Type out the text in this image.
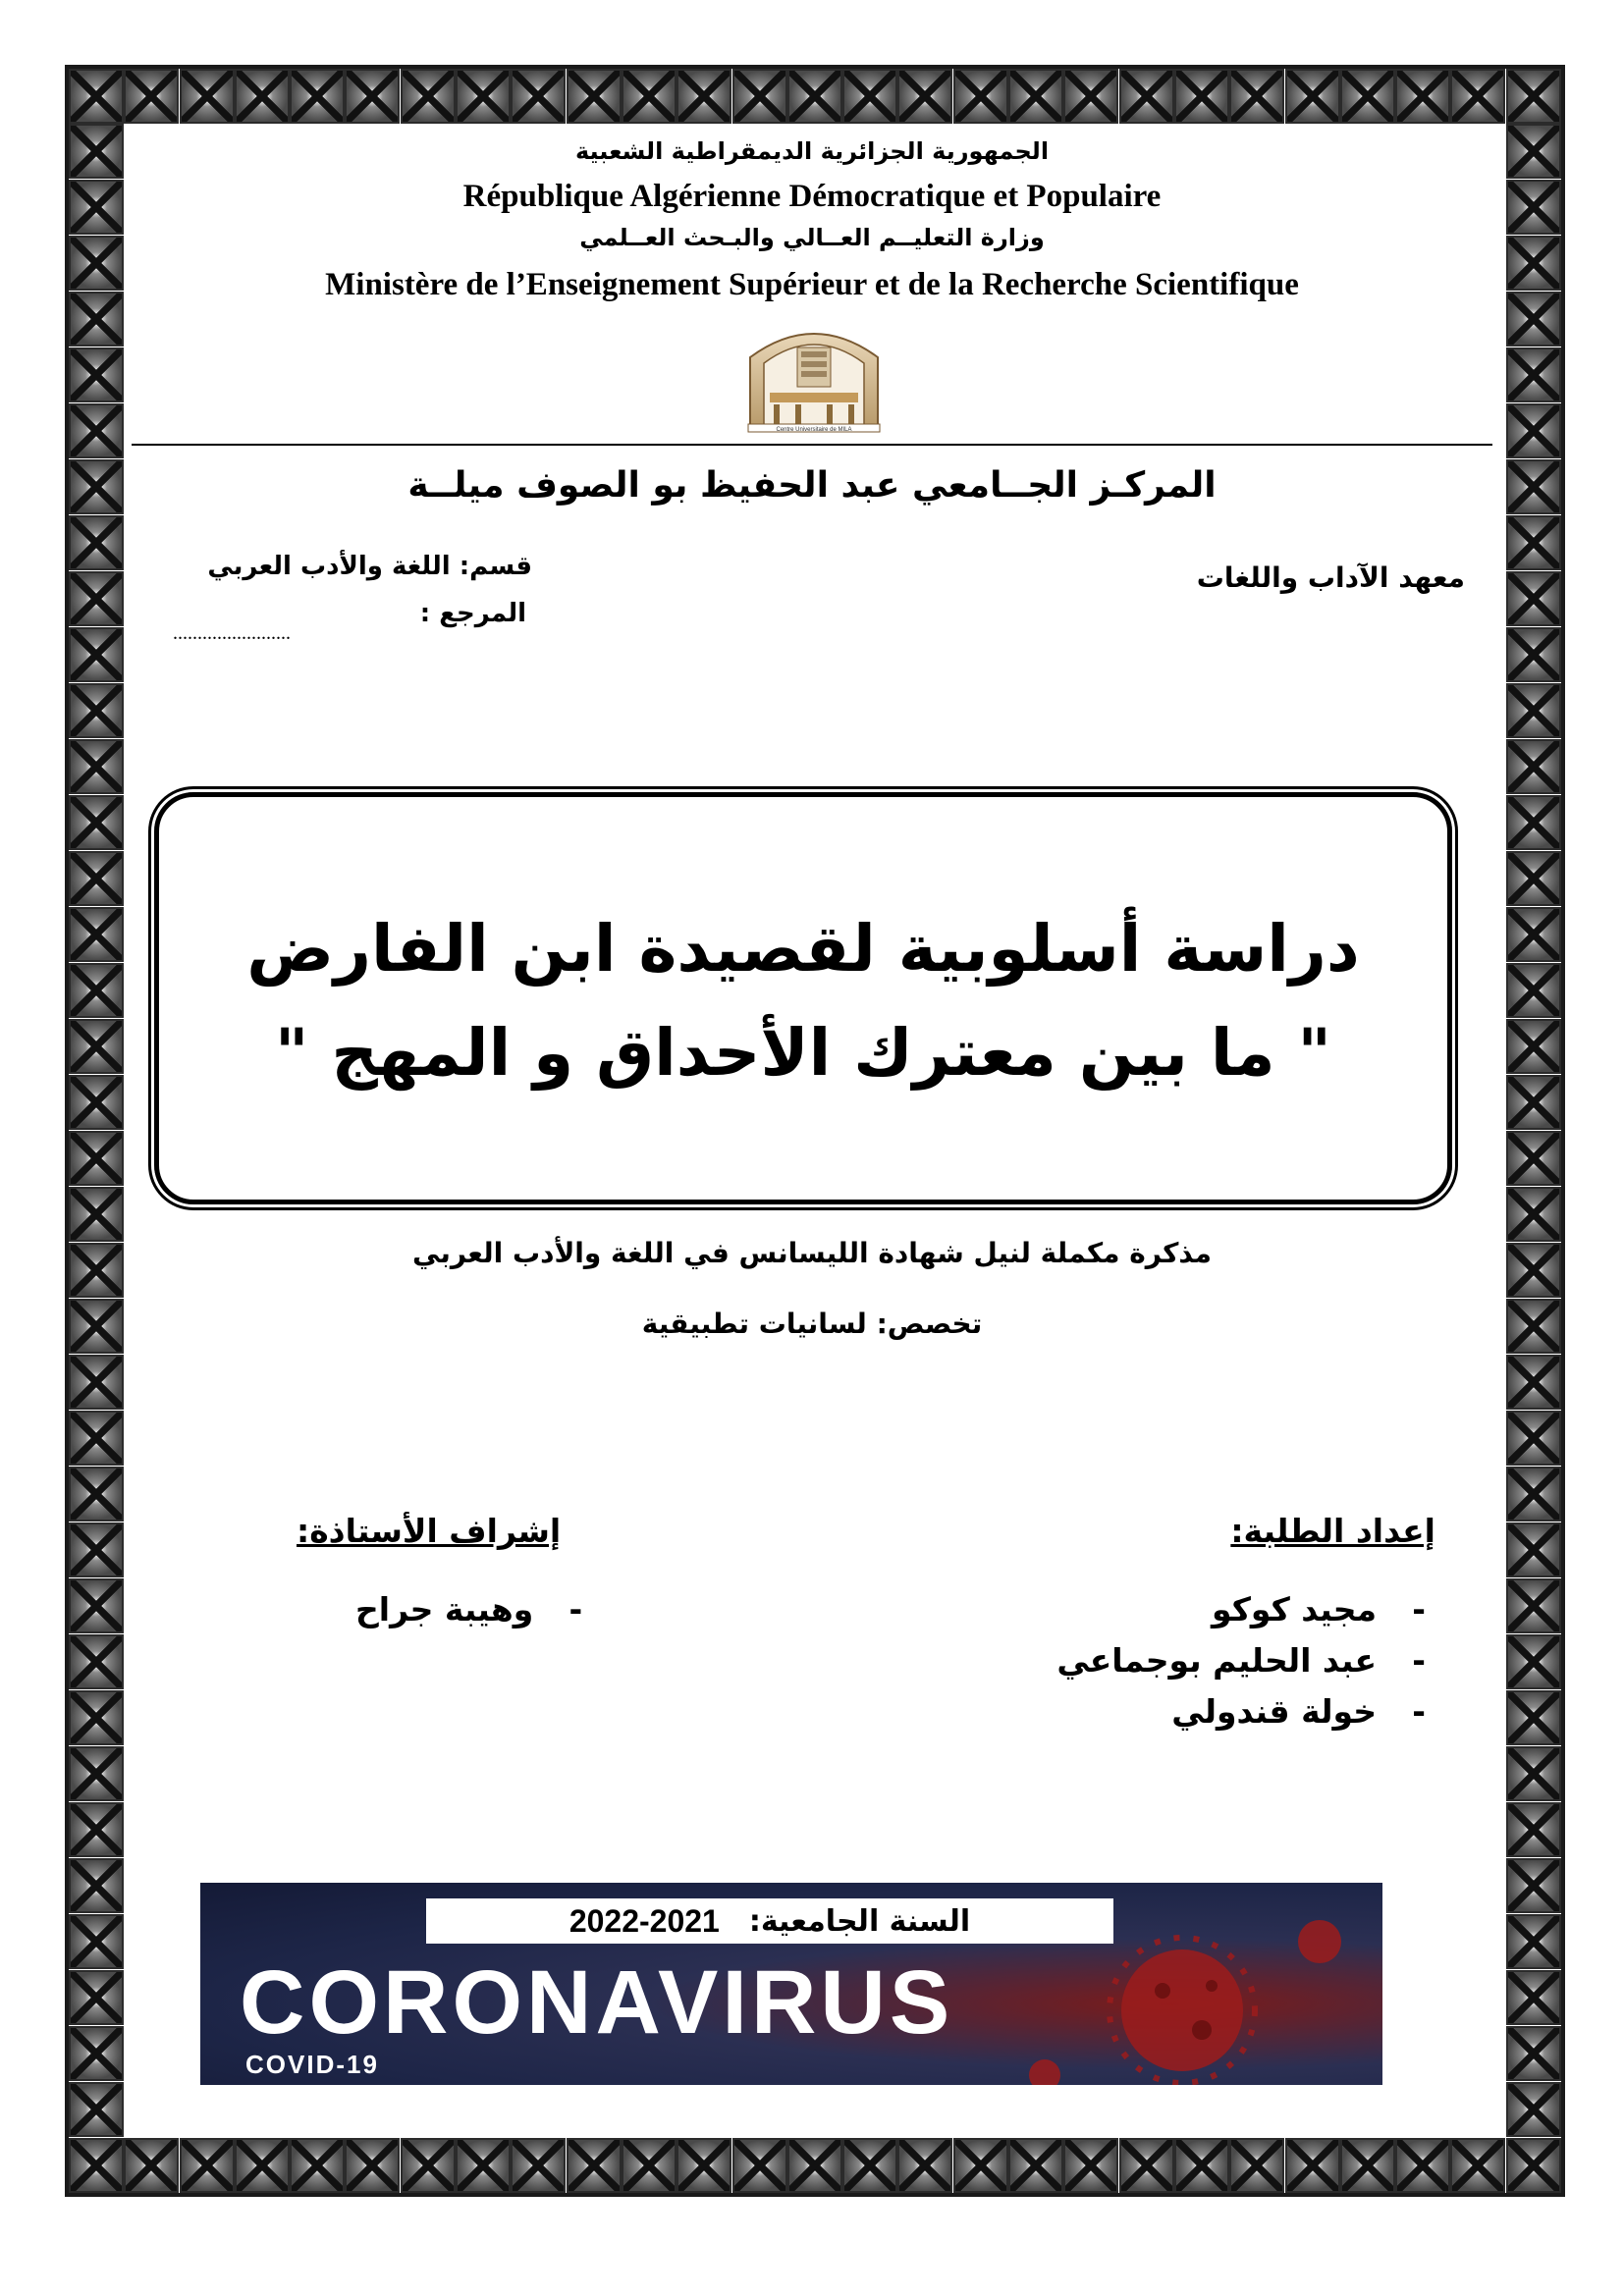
الجمهورية الجزائرية الديمقراطية الشعبية
République Algérienne Démocratique et Populaire
وزارة التعليــم العــالي والبـحث العــلمي
Ministère de l’Enseignement Supérieur et de la Recherche Scientifique
Centre Universitaire de MILA
المركـز الجــامعي عبد الحفيظ بو الصوف ميلــة
معهد الآداب واللغات
قسم: اللغة والأدب العربي
المرجع :
........................
دراسة أسلوبية لقصيدة ابن الفارض
" ما بين معترك الأحداق و المهج "
مذكرة مكملة لنيل شهادة الليسانس في اللغة والأدب العربي
تخصص: لسانيات تطبيقية
إعداد الطلبة:
إشراف الأستاذة:
-مجيد كوكو
-عبد الحليم بوجماعي
-خولة قندولي
-وهيبة جراح
2022-2021 السنة الجامعية:
CORONAVIRUS
COVID-19
